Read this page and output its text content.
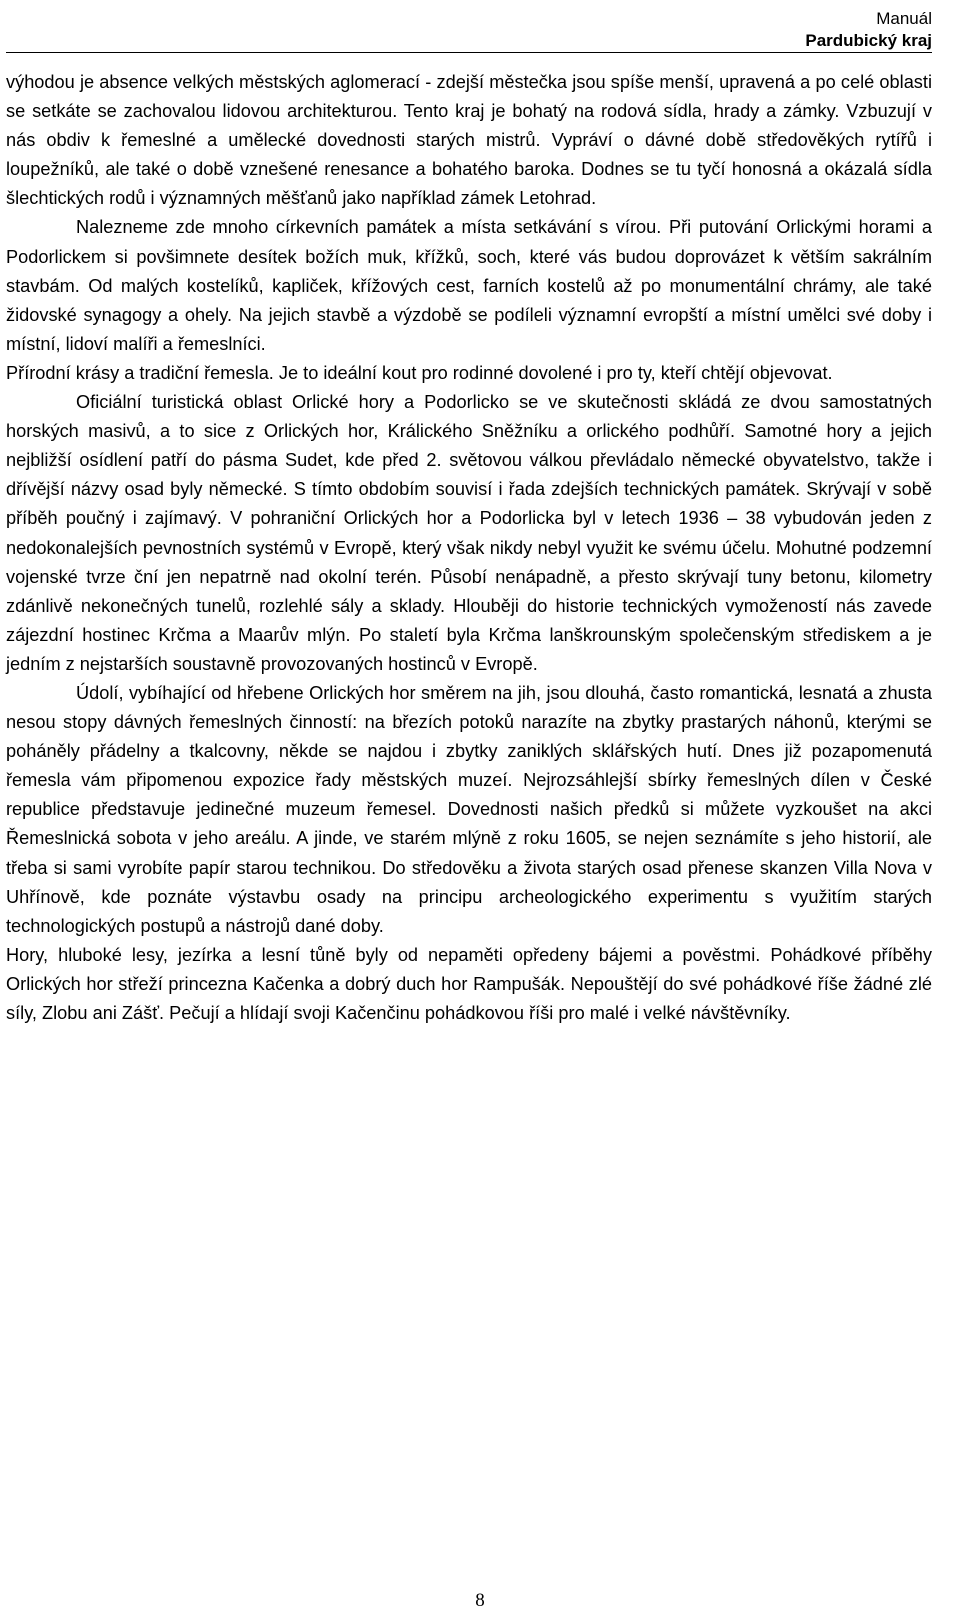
Manuál
Pardubický kraj

výhodou je absence velkých městských aglomerací - zdejší městečka jsou spíše menší, upravená a po celé oblasti se setkáte se zachovalou lidovou architekturou. Tento kraj je bohatý na rodová sídla, hrady a zámky. Vzbuzují v nás obdiv k řemeslné a umělecké dovednosti starých mistrů. Vypráví o dávné době středověkých rytířů i loupežníků, ale také o době vznešené renesance a bohatého baroka. Dodnes se tu tyčí honosná a okázalá sídla šlechtických rodů i významných měšťanů jako například zámek Letohrad.

Nalezneme zde mnoho církevních památek a místa setkávání s vírou. Při putování Orlickými horami a Podorlickem si povšimnete desítek božích muk, křížků, soch, které vás budou doprovázet k větším sakrálním stavbám. Od malých kostelíků, kapliček, křížových cest, farních kostelů až po monumentální chrámy, ale také židovské synagogy a ohely. Na jejich stavbě a výzdobě se podíleli významní evropští a místní umělci své doby i místní, lidoví malíři a řemeslníci.

Přírodní krásy a tradiční řemesla. Je to ideální kout pro rodinné dovolené i pro ty, kteří chtějí objevovat.

Oficiální turistická oblast Orlické hory a Podorlicko se ve skutečnosti skládá ze dvou samostatných horských masivů, a to sice z Orlických hor, Králického Sněžníku a orlického podhůří. Samotné hory a jejich nejbližší osídlení patří do pásma Sudet, kde před 2. světovou válkou převládalo německé obyvatelstvo, takže i dřívější názvy osad byly německé. S tímto obdobím souvisí i řada zdejších technických památek. Skrývají v sobě příběh poučný i zajímavý. V pohraniční Orlických hor a Podorlicka byl v letech 1936 – 38 vybudován jeden z nedokonalejších pevnostních systémů v Evropě, který však nikdy nebyl využit ke svému účelu. Mohutné podzemní vojenské tvrze ční jen nepatrně nad okolní terén. Působí nenápadně, a přesto skrývají tuny betonu, kilometry zdánlivě nekonečných tunelů, rozlehlé sály a sklady. Hlouběji do historie technických vymožeností nás zavede zájezdní hostinec Krčma a Maarův mlýn. Po staletí byla Krčma lanškrounským společenským střediskem a je jedním z nejstarších soustavně provozovaných hostinců v Evropě.

Údolí, vybíhající od hřebene Orlických hor směrem na jih, jsou dlouhá, často romantická, lesnatá a zhusta nesou stopy dávných řemeslných činností: na březích potoků narazíte na zbytky prastarých náhonů, kterými se poháněly přádelny a tkalcovny, někde se najdou i zbytky zaniklých sklářských hutí. Dnes již pozapomenutá řemesla vám připomenou expozice řady městských muzeí. Nejrozsáhlejší sbírky řemeslných dílen v České republice představuje jedinečné muzeum řemesel. Dovednosti našich předků si můžete vyzkoušet na akci Řemeslnická sobota v jeho areálu. A jinde, ve starém mlýně z roku 1605, se nejen seznámíte s jeho historií, ale třeba si sami vyrobíte papír starou technikou. Do středověku a života starých osad přenese skanzen Villa Nova v Uhřínově, kde poznáte výstavbu osady na principu archeologického experimentu s využitím starých technologických postupů a nástrojů dané doby.

Hory, hluboké lesy, jezírka a lesní tůně byly od nepaměti opředeny bájemi a pověstmi. Pohádkové příběhy Orlických hor střeží princezna Kačenka a dobrý duch hor Rampušák. Nepouštějí do své pohádkové říše žádné zlé síly, Zlobu ani Zášť. Pečují a hlídají svoji Kačenčinu pohádkovou říši pro malé i velké návštěvníky.

8
